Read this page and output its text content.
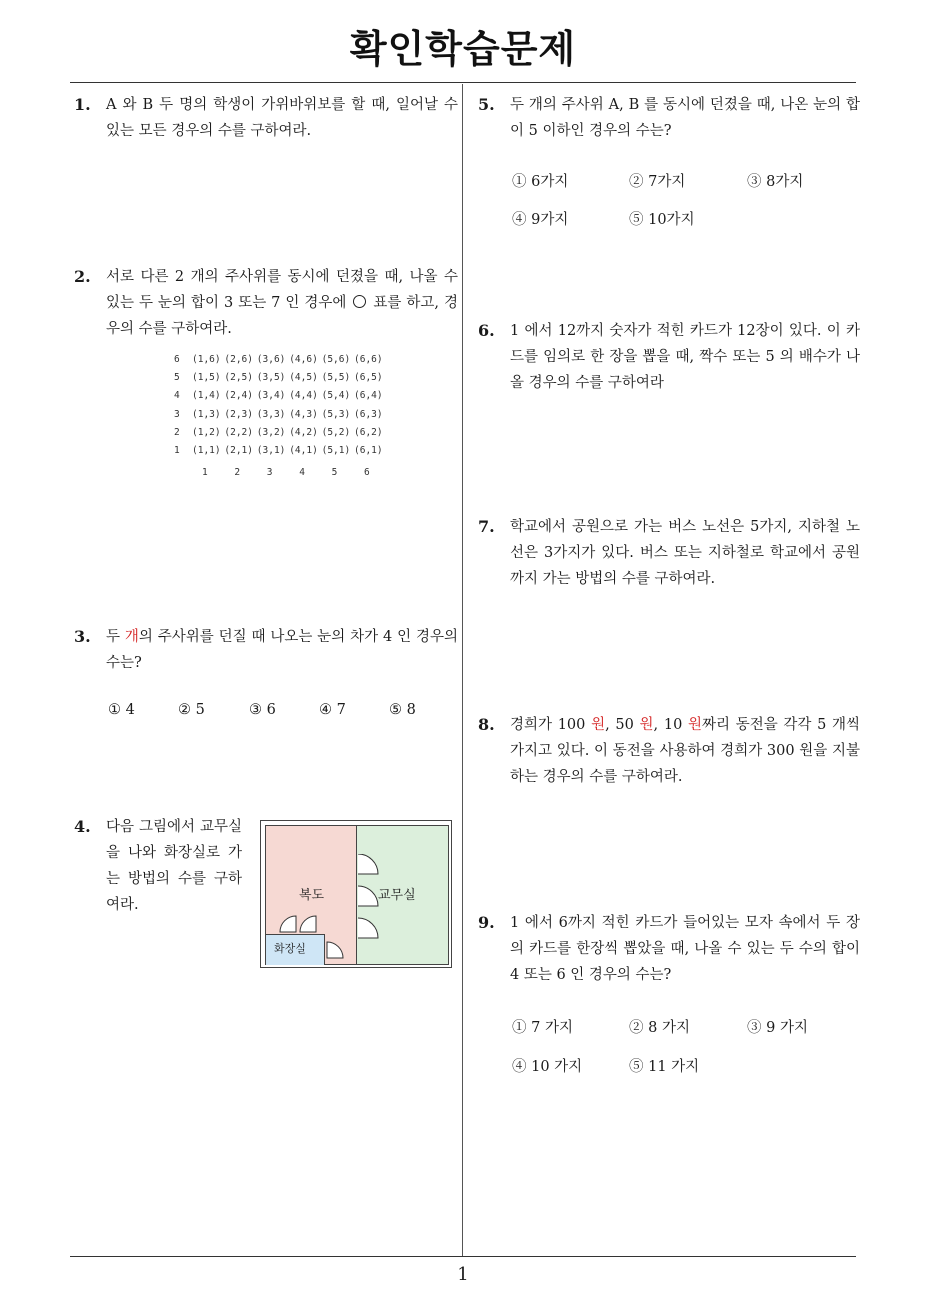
확인학습문제
1
1. A 와 B 두 명의 학생이 가위바위보를 할 때, 일어날 수 있는 모든 경우의 수를 구하여라.
2. 서로 다른 2 개의 주사위를 동시에 던졌을 때, 나올 수 있는 두 눈의 합이 3 또는 7 인 경우에 ○ 표를 하고, 경우의 수를 구하여라.
6 (1,6) (2,6) (3,6) (4,6) (5,6) (6,6)
5 (1,5) (2,5) (3,5) (4,5) (5,5) (6,5)
4 (1,4) (2,4) (3,4) (4,4) (5,4) (6,4)
3 (1,3) (2,3) (3,3) (4,3) (5,3) (6,3)
2 (1,2) (2,2) (3,2) (4,2) (5,2) (6,2)
1 (1,1) (2,1) (3,1) (4,1) (5,1) (6,1)
1	2	3	4	5	6
3. 두 개의 주사위를 던질 때 나오는 눈의 차가 4 인 경우의 수는?
① 4	② 5	③ 6	④ 7	⑤ 8
4. 다음 그림에서 교무실을 나와 화장실로 가는 방법의 수를 구하여라.
복도	교무실
화장실
5. 두 개의 주사위 A, B 를 동시에 던졌을 때, 나온 눈의 합이 5 이하인 경우의 수는?
① 6가지	② 7가지	③ 8가지
④ 9가지	⑤ 10가지
6. 1 에서 12까지 숫자가 적힌 카드가 12장이 있다. 이 카드를 임의로 한 장을 뽑을 때, 짝수 또는 5 의 배수가 나올 경우의 수를 구하여라
7. 학교에서 공원으로 가는 버스 노선은 5가지, 지하철 노선은 3가지가 있다. 버스 또는 지하철로 학교에서 공원까지 가는 방법의 수를 구하여라.
8. 경희가 100 원, 50 원, 10 원짜리 동전을 각각 5 개씩 가지고 있다. 이 동전을 사용하여 경희가 300 원을 지불하는 경우의 수를 구하여라.
9. 1 에서 6까지 적힌 카드가 들어있는 모자 속에서 두 장의 카드를 한장씩 뽑았을 때, 나올 수 있는 두 수의 합이 4 또는 6 인 경우의 수는?
① 7 가지	② 8 가지	③ 9 가지
④ 10 가지	⑤ 11 가지
